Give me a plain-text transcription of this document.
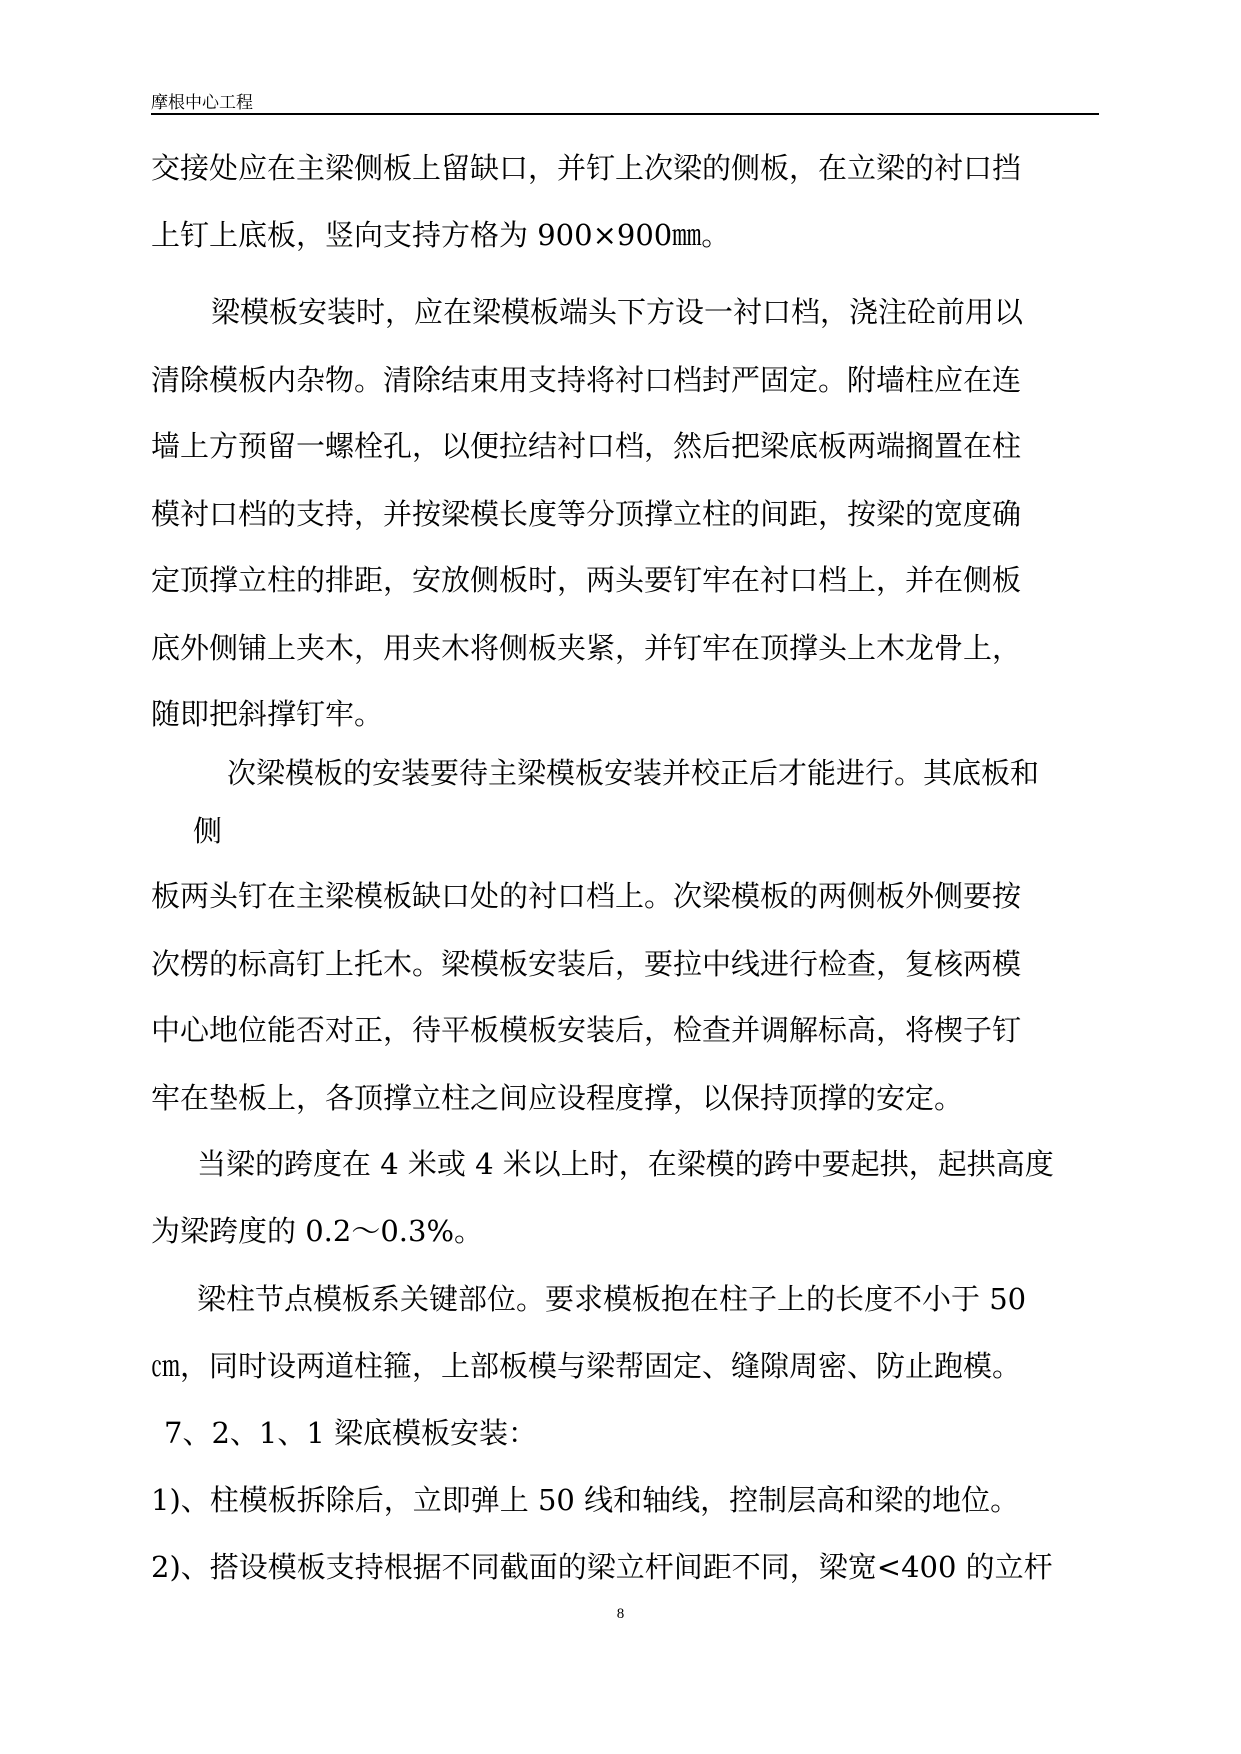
摩根中心工程
交接处应在主梁侧板上留缺口，并钉上次梁的侧板，在立梁的衬口挡
上钉上底板，竖向支持方格为 900×900㎜。
梁模板安装时，应在梁模板端头下方设一衬口档，浇注砼前用以
清除模板内杂物。清除结束用支持将衬口档封严固定。附墙柱应在连
墙上方预留一螺栓孔，以便拉结衬口档，然后把梁底板两端搁置在柱
模衬口档的支持，并按梁模长度等分顶撑立柱的间距，按梁的宽度确
定顶撑立柱的排距，安放侧板时，两头要钉牢在衬口档上，并在侧板
底外侧铺上夹木，用夹木将侧板夹紧，并钉牢在顶撑头上木龙骨上，
随即把斜撑钉牢。
次梁模板的安装要待主梁模板安装并校正后才能进行。其底板和
侧
板两头钉在主梁模板缺口处的衬口档上。次梁模板的两侧板外侧要按
次楞的标高钉上托木。梁模板安装后，要拉中线进行检查，复核两模
中心地位能否对正，待平板模板安装后，检查并调解标高，将楔子钉
牢在垫板上，各顶撑立柱之间应设程度撑，以保持顶撑的安定。
当梁的跨度在 4 米或 4 米以上时，在梁模的跨中要起拱，起拱高度
为梁跨度的 0.2～0.3%。
梁柱节点模板系关键部位。要求模板抱在柱子上的长度不小于 50
㎝，同时设两道柱箍，上部板模与梁帮固定、缝隙周密、防止跑模。
7、2、1、1 梁底模板安装：
1)、柱模板拆除后，立即弹上 50 线和轴线，控制层高和梁的地位。
2)、搭设模板支持根据不同截面的梁立杆间距不同，梁宽<400 的立杆
8
